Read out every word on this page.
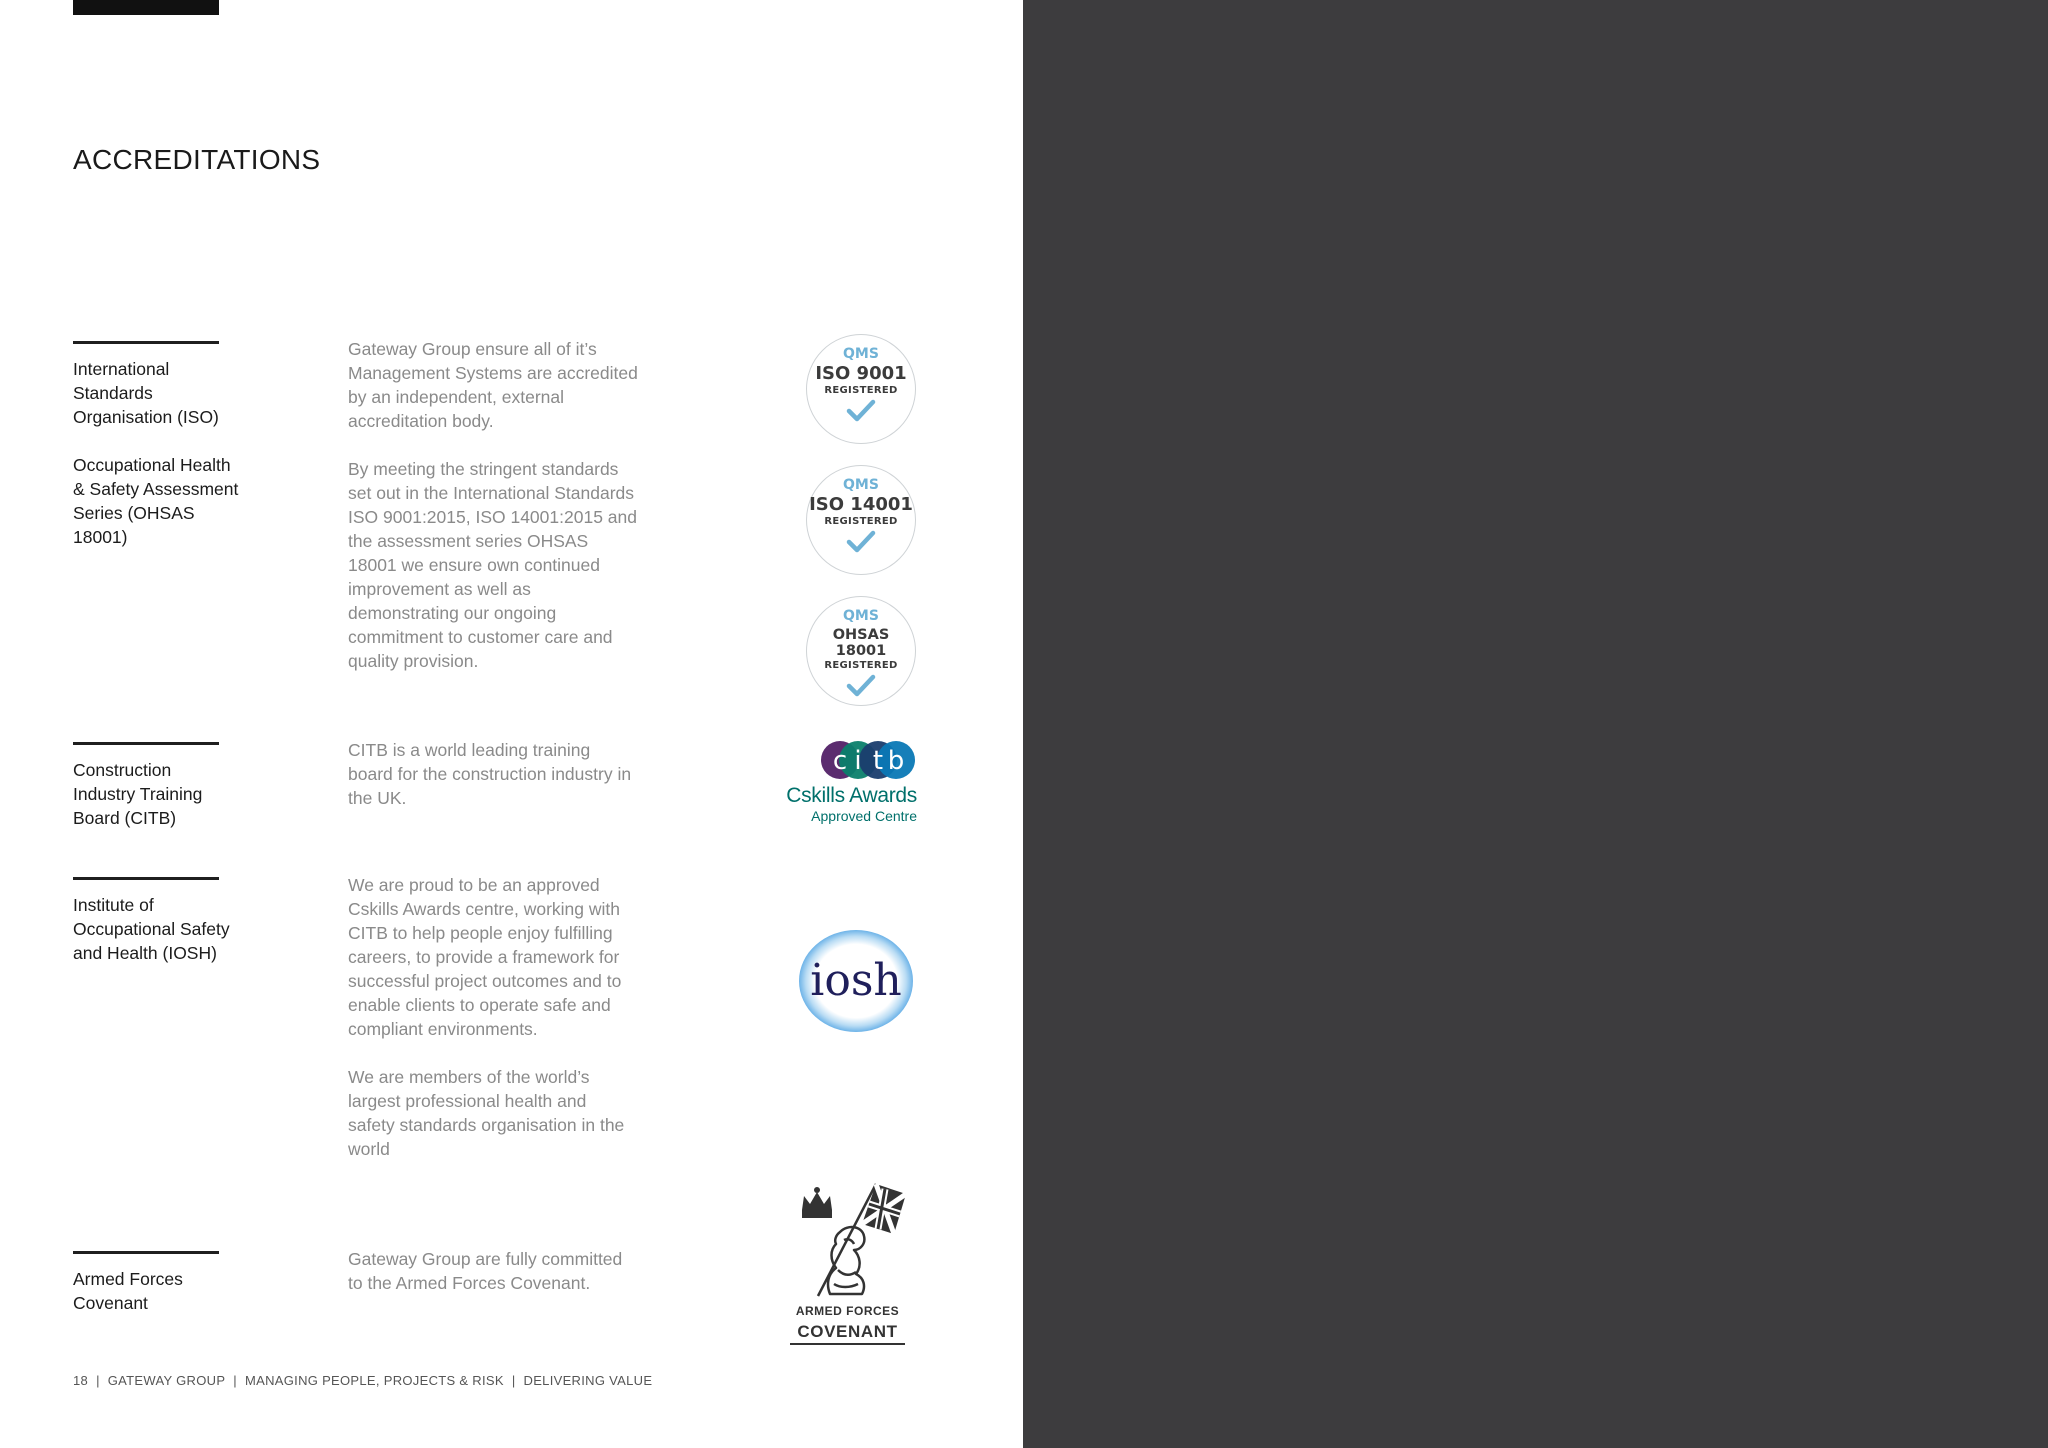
ACCREDITATIONS

International Standards Organisation (ISO)

Occupational Health & Safety Assessment Series (OHSAS 18001)

Gateway Group ensure all of it’s Management Systems are accredited by an independent, external accreditation body.

By meeting the stringent standards set out in the International Standards ISO 9001:2015, ISO 14001:2015 and the assessment series OHSAS 18001 we ensure own continued improvement as well as demonstrating our ongoing commitment to customer care and quality provision.

QMS
ISO 9001
REGISTERED
QMS
ISO 14001
REGISTERED
QMS
OHSAS 18001
REGISTERED

Construction Industry Training Board (CITB)

CITB is a world leading training board for the construction industry in the UK.

c i t b
Cskills Awards
Approved Centre

Institute of Occupational Safety and Health (IOSH)

We are proud to be an approved Cskills Awards centre, working with CITB to help people enjoy fulfilling careers, to provide a framework for successful project outcomes and to enable clients to operate safe and compliant environments.

We are members of the world’s largest professional health and safety standards organisation in the world

iosh

Armed Forces Covenant

Gateway Group are fully committed to the Armed Forces Covenant.

ARMED FORCES
COVENANT
18 | GATEWAY GROUP | MANAGING PEOPLE, PROJECTS & RISK | DELIVERING VALUE
